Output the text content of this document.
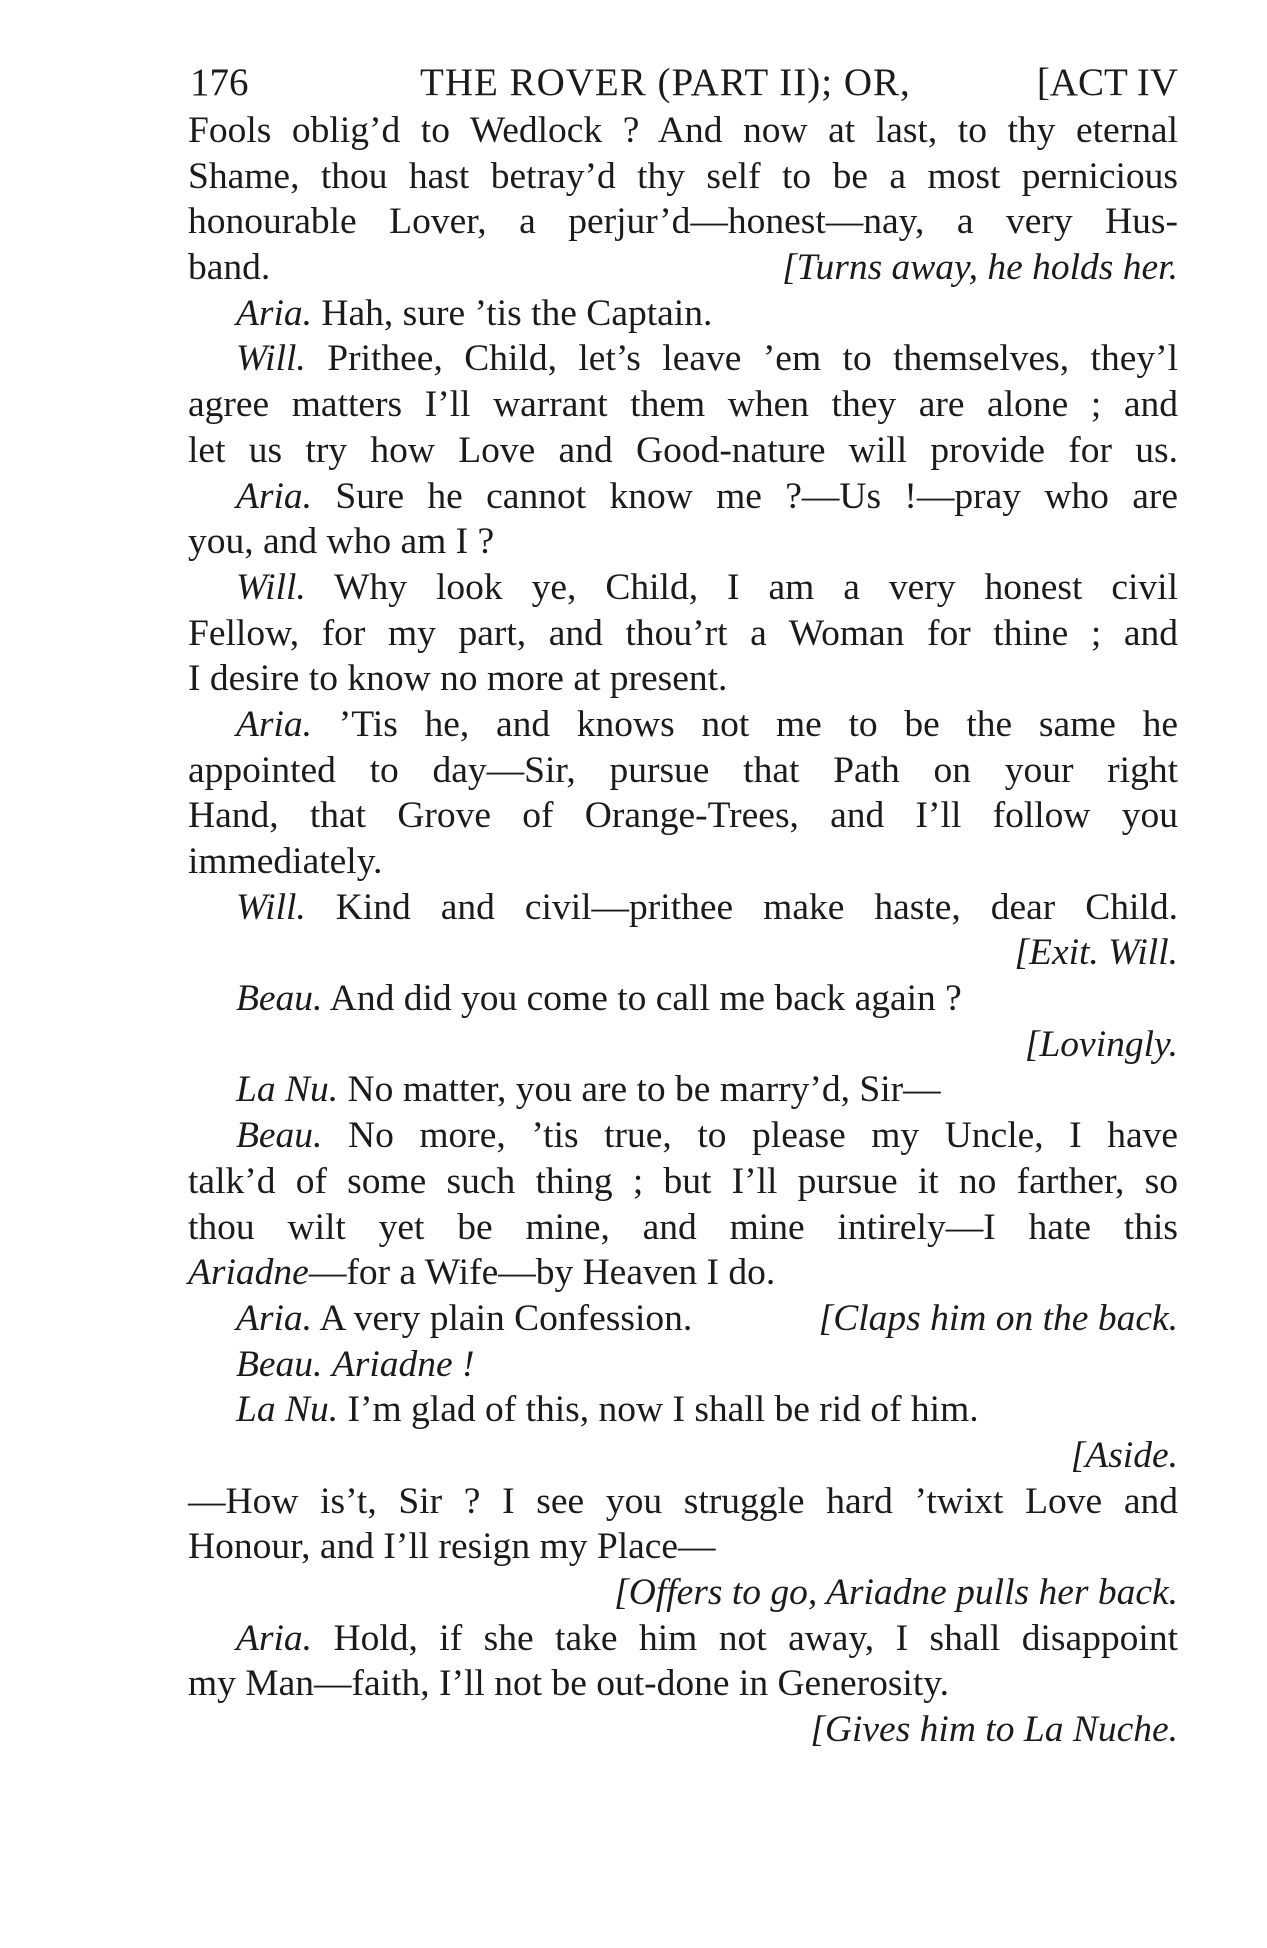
176	THE ROVER (PART II); OR,	[ACT IV
Fools oblig’d to Wedlock ? And now at last, to thy eternal
Shame, thou hast betray’d thy self to be a most pernicious
honourable Lover, a perjur’d—honest—nay, a very Hus-
band.	[Turns away, he holds her.
Aria. Hah, sure ’tis the Captain.
Will. Prithee, Child, let’s leave ’em to themselves, they’l
agree matters I’ll warrant them when they are alone ; and
let us try how Love and Good-nature will provide for us.
Aria. Sure he cannot know me ?—Us !—pray who are
you, and who am I ?
Will. Why look ye, Child, I am a very honest civil
Fellow, for my part, and thou’rt a Woman for thine ; and
I desire to know no more at present.
Aria. ’Tis he, and knows not me to be the same he
appointed to day—Sir, pursue that Path on your right
Hand, that Grove of Orange-Trees, and I’ll follow you
immediately.
Will. Kind and civil—prithee make haste, dear Child.
[Exit. Will.
Beau. And did you come to call me back again ?
[Lovingly.
La Nu. No matter, you are to be marry’d, Sir—
Beau. No more, ’tis true, to please my Uncle, I have
talk’d of some such thing ; but I’ll pursue it no farther, so
thou wilt yet be mine, and mine intirely—I hate this
Ariadne—for a Wife—by Heaven I do.
Aria. A very plain Confession.	[Claps him on the back.
Beau. Ariadne !
La Nu. I’m glad of this, now I shall be rid of him.
[Aside.
—How is’t, Sir ? I see you struggle hard ’twixt Love and
Honour, and I’ll resign my Place—
[Offers to go, Ariadne pulls her back.
Aria. Hold, if she take him not away, I shall disappoint
my Man—faith, I’ll not be out-done in Generosity.
[Gives him to La Nuche.
